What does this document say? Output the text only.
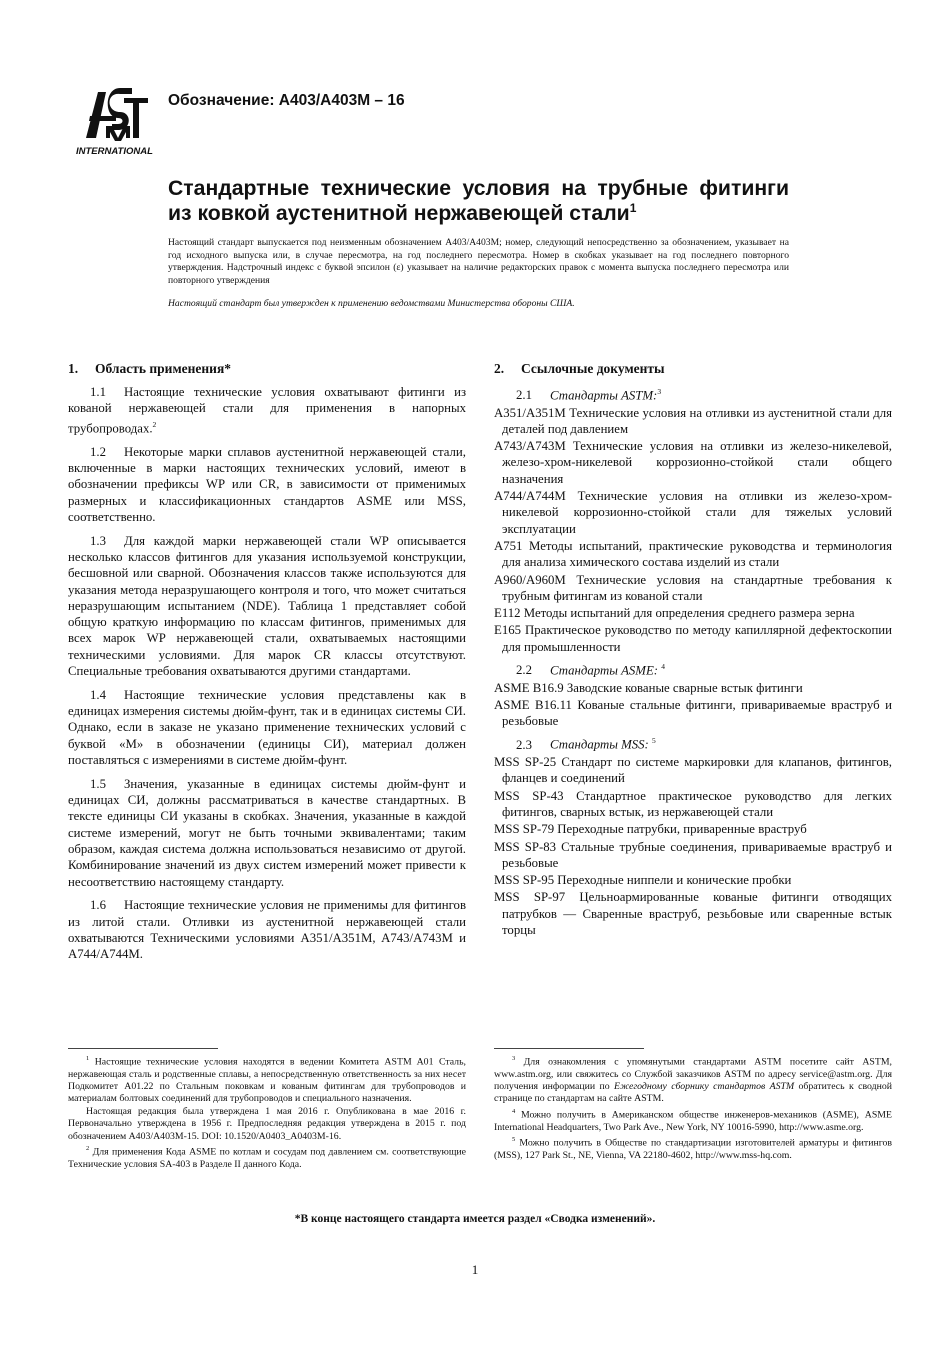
INTERNATIONAL
Обозначение: A403/A403M – 16
Стандартные технические условия на трубные фитинги из ковкой аустенитной нержавеющей стали$^1$
Настоящий стандарт выпускается под неизменным обозначением A403/A403M; номер, следующий непосредственно за обозначением, указывает на год исходного выпуска или, в случае пересмотра, на год последнего пересмотра. Номер в скобках указывает на год последнего повторного утверждения. Надстрочный индекс с буквой эпсилон (ε) указывает на наличие редакторских правок с момента выпуска последнего пересмотра или повторного утверждения
Настоящий стандарт был утвержден к применению ведомствами Министерства обороны США.
1. Область применения*

1.1 Настоящие технические условия охватывают фитинги из кованой нержавеющей стали для применения в напорных трубопроводах.$^2$

1.2 Некоторые марки сплавов аустенитной нержавеющей стали, включенные в марки настоящих технических условий, имеют в обозначении префиксы WP или CR, в зависимости от применимых размерных и классификационных стандартов ASME или MSS, соответственно.

1.3 Для каждой марки нержавеющей стали WP описывается несколько классов фитингов для указания используемой конструкции, бесшовной или сварной. Обозначения классов также используются для указания метода неразрушающего контроля и того, что может считаться неразрушающим испытанием (NDE). Таблица 1 представляет собой общую краткую информацию по классам фитингов, применимых для всех марок WP нержавеющей стали, охватываемых настоящими техническими условиями. Для марок CR классы отсутствуют. Специальные требования охватываются другими стандартами.

1.4 Настоящие технические условия представлены как в единицах измерения системы дюйм-фунт, так и в единицах системы СИ. Однако, если в заказе не указано применение технических условий с буквой «М» в обозначении (единицы СИ), материал должен поставляться с измерениями в системе дюйм-фунт.

1.5 Значения, указанные в единицах системы дюйм-фунт и единицах СИ, должны рассматриваться в качестве стандартных. В тексте единицы СИ указаны в скобках. Значения, указанные в каждой системе измерений, могут не быть точными эквивалентами; таким образом, каждая система должна использоваться независимо от другой. Комбинирование значений из двух систем измерений может привести к несоответствию настоящему стандарту.

1.6 Настоящие технические условия не применимы для фитингов из литой стали. Отливки из аустенитной нержавеющей стали охватываются Техническими условиями A351/A351M, A743/A743M и A744/A744M.

2. Ссылочные документы
2.1 Стандарты ASTM:$^3$
A351/A351M Технические условия на отливки из аустенитной стали для деталей под давлением
A743/A743M Технические условия на отливки из железо-никелевой, железо-хром-никелевой коррозионно-стойкой стали общего назначения
A744/A744M Технические условия на отливки из железо-хром-никелевой коррозионно-стойкой стали для тяжелых условий эксплуатации
A751 Методы испытаний, практические руководства и терминология для анализа химического состава изделий из стали
A960/A960M Технические условия на стандартные требования к трубным фитингам из кованой стали
E112 Методы испытаний для определения среднего размера зерна
E165 Практическое руководство по методу капиллярной дефектоскопии для промышленности
2.2 Стандарты ASME: $^4$
ASME B16.9 Заводские кованые сварные встык фитинги
ASME B16.11 Кованые стальные фитинги, привариваемые враструб и резьбовые
2.3 Стандарты MSS: $^5$
MSS SP-25 Стандарт по системе маркировки для клапанов, фитингов, фланцев и соединений
MSS SP-43 Стандартное практическое руководство для легких фитингов, сварных встык, из нержавеющей стали
MSS SP-79 Переходные патрубки, приваренные враструб
MSS SP-83 Стальные трубные соединения, привариваемые враструб и резьбовые
MSS SP-95 Переходные ниппели и конические пробки
MSS SP-97 Цельноармированные кованые фитинги отводящих патрубков — Сваренные враструб, резьбовые или сваренные встык торцы

$^1$ Настоящие технические условия находятся в ведении Комитета ASTM A01 Сталь, нержавеющая сталь и родственные сплавы, а непосредственную ответственность за них несет Подкомитет A01.22 по Стальным поковкам и кованым фитингам для трубопроводов и материалам болтовых соединений для трубопроводов и специального назначения.

Настоящая редакция была утверждена 1 мая 2016 г. Опубликована в мае 2016 г. Первоначально утверждена в 1956 г. Предпоследняя редакция утверждена в 2015 г. под обозначением A403/A403M-15. DOI: 10.1520/A0403_A0403M-16.

$^2$ Для применения Кода ASME по котлам и сосудам под давлением см. соответствующие Технические условия SA-403 в Разделе II данного Кода.

$^3$ Для ознакомления с упомянутыми стандартами ASTM посетите сайт ASTM, www.astm.org, или свяжитесь со Службой заказчиков ASTM по адресу service@astm.org. Для получения информации по Ежегодному сборнику стандартов ASTM обратитесь к сводной странице по стандартам на сайте ASTM.

$^4$ Можно получить в Американском обществе инженеров-механиков (ASME), ASME International Headquarters, Two Park Ave., New York, NY 10016-5990, http://www.asme.org.

$^5$ Можно получить в Обществе по стандартизации изготовителей арматуры и фитингов (MSS), 127 Park St., NE, Vienna, VA 22180-4602, http://www.mss-hq.com.

*В конце настоящего стандарта имеется раздел «Сводка изменений».
1
